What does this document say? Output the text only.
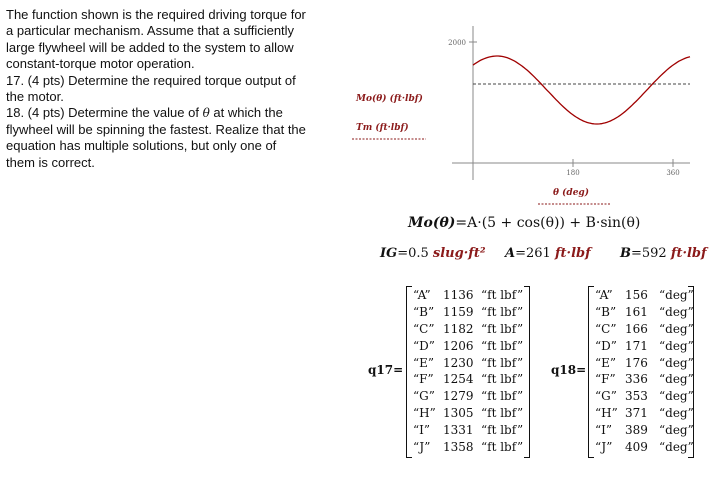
The function shown is the required driving torque for
a particular mechanism. Assume that a sufficiently
large flywheel will be added to the system to allow
constant-torque motor operation.
17. (4 pts) Determine the required torque output of
the motor.
18. (4 pts) Determine the value of θ at which the
flywheel will be spinning the fastest. Realize that the
equation has multiple solutions, but only one of
them is correct.
2000
180	360
Mo(θ) (ft·lbf)
Tm (ft·lbf)
θ (deg)
Mo(θ)=A·(5 + cos(θ)) + B·sin(θ)
IG=0.5 slug·ft² A=261 ft·lbf B=592 ft·lbf
q17=
“A” 1136 “ft lbf”
“B” 1159 “ft lbf”
“C” 1182 “ft lbf”
“D” 1206 “ft lbf”
“E” 1230 “ft lbf”
“F” 1254 “ft lbf”
“G” 1279 “ft lbf”
“H” 1305 “ft lbf”
“I” 1331 “ft lbf”
“J” 1358 “ft lbf”
q18=
“A” 156 “deg”
“B” 161 “deg”
“C” 166 “deg”
“D” 171 “deg”
“E” 176 “deg”
“F” 336 “deg”
“G” 353 “deg”
“H” 371 “deg”
“I” 389 “deg”
“J” 409 “deg”
